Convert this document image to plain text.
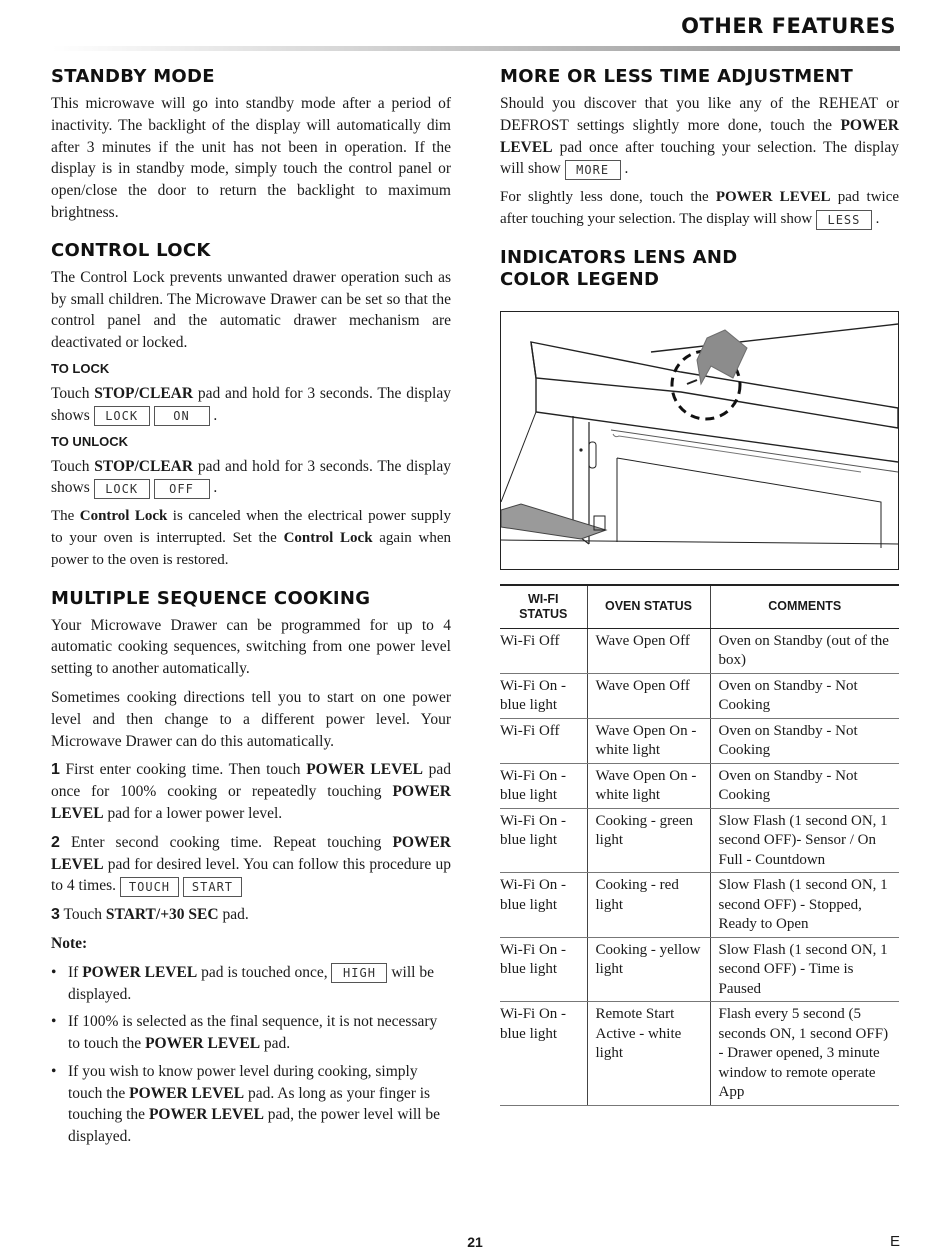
OTHER FEATURES
STANDBY MODE

This microwave will go into standby mode after a period of inactivity. The backlight of the display will automatically dim after 3 minutes if the unit has not been in operation. If the display is in standby mode, simply touch the control panel or open/close the door to return the backlight to maximum brightness.

CONTROL LOCK

The Control Lock prevents unwanted drawer operation such as by small children. The Microwave Drawer can be set so that the control panel and the automatic drawer mechanism are deactivated or locked.

TO LOCK

Touch STOP/CLEAR pad and hold for 3 seconds. The display shows LOCK	ON .

TO UNLOCK

Touch STOP/CLEAR pad and hold for 3 seconds. The display shows LOCK	OFF .

The Control Lock is canceled when the electrical power supply to your oven is interrupted. Set the Control Lock again when power to the oven is restored.

MULTIPLE SEQUENCE COOKING

Your Microwave Drawer can be programmed for up to 4 automatic cooking sequences, switching from one power level setting to another automatically.

Sometimes cooking directions tell you to start on one power level and then change to a different power level. Your Microwave Drawer can do this automatically.

1 First enter cooking time. Then touch POWER LEVEL pad once for 100% cooking or repeatedly touching POWER LEVEL pad for a lower power level.

2 Enter second cooking time. Repeat touching POWER LEVEL pad for desired level. You can follow this procedure up to 4 times. TOUCH START

3 Touch START/+30 SEC pad.

Note:

• If POWER LEVEL pad is touched once, HIGH will be displayed.
• If 100% is selected as the final sequence, it is not necessary to touch the POWER LEVEL pad.
• If you wish to know power level during cooking, simply touch the POWER LEVEL pad. As long as your finger is touching the POWER LEVEL pad, the power level will be displayed.
MORE OR LESS TIME ADJUSTMENT

Should you discover that you like any of the REHEAT or DEFROST settings slightly more done, touch the POWER LEVEL pad once after touching your selection. The display will show MORE .

For slightly less done, touch the POWER LEVEL pad twice after touching your selection. The display will show LESS .

INDICATORS LENS AND
COLOR LEGEND
WI-FI STATUS	OVEN STATUS	COMMENTS
Wi-Fi Off	Wave Open Off	Oven on Standby (out of the box)
Wi-Fi On - blue light	Wave Open Off	Oven on Standby - Not Cooking
Wi-Fi Off	Wave Open On - white light	Oven on Standby - Not Cooking
Wi-Fi On - blue light	Wave Open On - white light	Oven on Standby - Not Cooking
Wi-Fi On - blue light	Cooking - green light	Slow Flash (1 second ON, 1 second OFF)- Sensor / On Full - Countdown
Wi-Fi On - blue light	Cooking - red light	Slow Flash (1 second ON, 1 second OFF) - Stopped, Ready to Open
Wi-Fi On - blue light	Cooking - yellow light	Slow Flash (1 second ON, 1 second OFF) - Time is Paused
Wi-Fi On - blue light	Remote Start Active - white light	Flash every 5 second (5 seconds ON, 1 second OFF) - Drawer opened, 3 minute window to remote operate App
21	E
